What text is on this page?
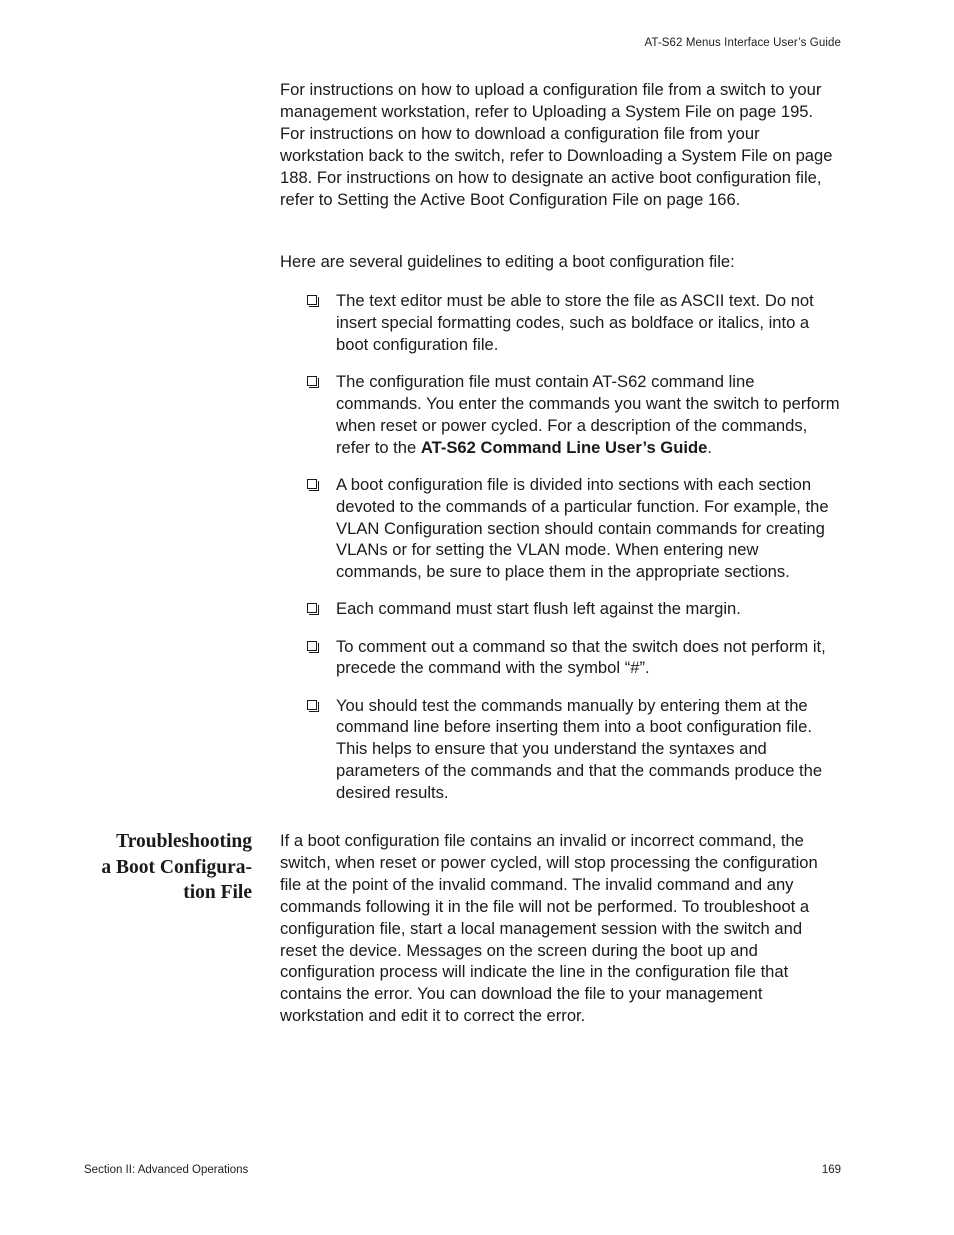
AT-S62 Menus Interface User’s Guide

For instructions on how to upload a configuration file from a switch to your management workstation, refer to Uploading a System File on page 195. For instructions on how to download a configuration file from your workstation back to the switch, refer to Downloading a System File on page 188. For instructions on how to designate an active boot configuration file, refer to Setting the Active Boot Configuration File on page 166.

Here are several guidelines to editing a boot configuration file:

The text editor must be able to store the file as ASCII text. Do not insert special formatting codes, such as boldface or italics, into a boot configuration file.
The configuration file must contain AT-S62 command line commands. You enter the commands you want the switch to perform when reset or power cycled. For a description of the commands, refer to the AT-S62 Command Line User’s Guide.
A boot configuration file is divided into sections with each section devoted to the commands of a particular function. For example, the VLAN Configuration section should contain commands for creating VLANs or for setting the VLAN mode. When entering new commands, be sure to place them in the appropriate sections.
Each command must start flush left against the margin.
To comment out a command so that the switch does not perform it, precede the command with the symbol “#”.
You should test the commands manually by entering them at the command line before inserting them into a boot configuration file. This helps to ensure that you understand the syntaxes and parameters of the commands and that the commands produce the desired results.
Troubleshooting
a Boot Configura-
tion File

If a boot configuration file contains an invalid or incorrect command, the switch, when reset or power cycled, will stop processing the configuration file at the point of the invalid command. The invalid command and any commands following it in the file will not be performed. To troubleshoot a configuration file, start a local management session with the switch and reset the device. Messages on the screen during the boot up and configuration process will indicate the line in the configuration file that contains the error. You can download the file to your management workstation and edit it to correct the error.

Section II: Advanced Operations	169
